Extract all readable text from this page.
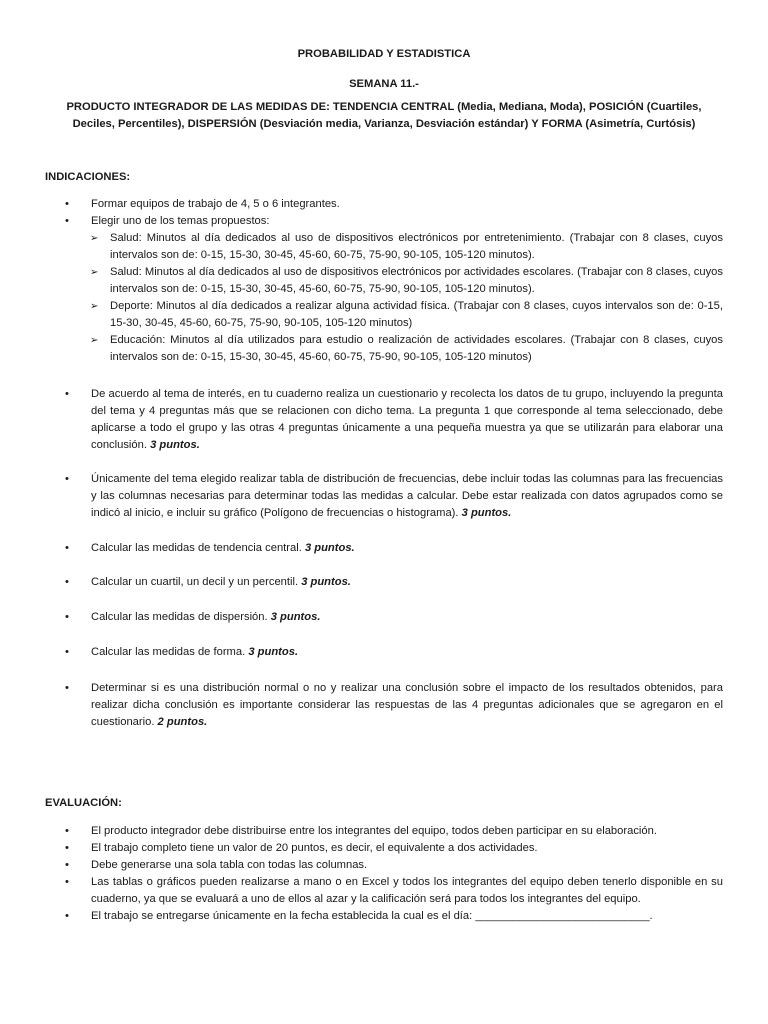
PROBABILIDAD Y ESTADISTICA
SEMANA 11.-
PRODUCTO INTEGRADOR DE LAS MEDIDAS DE: TENDENCIA CENTRAL (Media, Mediana, Moda), POSICIÓN (Cuartiles, Deciles, Percentiles), DISPERSIÓN (Desviación media, Varianza, Desviación estándar) Y FORMA (Asimetría, Curtósis)
INDICACIONES:
• Formar equipos de trabajo de 4, 5 o 6 integrantes.
• Elegir uno de los temas propuestos:
➢ Salud: Minutos al día dedicados al uso de dispositivos electrónicos por entretenimiento. (Trabajar con 8 clases, cuyos intervalos son de: 0-15, 15-30, 30-45, 45-60, 60-75, 75-90, 90-105, 105-120 minutos).
➢ Salud: Minutos al día dedicados al uso de dispositivos electrónicos por actividades escolares. (Trabajar con 8 clases, cuyos intervalos son de: 0-15, 15-30, 30-45, 45-60, 60-75, 75-90, 90-105, 105-120 minutos).
➢ Deporte: Minutos al día dedicados a realizar alguna actividad física. (Trabajar con 8 clases, cuyos intervalos son de: 0-15, 15-30, 30-45, 45-60, 60-75, 75-90, 90-105, 105-120 minutos)
➢ Educación: Minutos al día utilizados para estudio o realización de actividades escolares. (Trabajar con 8 clases, cuyos intervalos son de: 0-15, 15-30, 30-45, 45-60, 60-75, 75-90, 90-105, 105-120 minutos)
• De acuerdo al tema de interés, en tu cuaderno realiza un cuestionario y recolecta los datos de tu grupo, incluyendo la pregunta del tema y 4 preguntas más que se relacionen con dicho tema. La pregunta 1 que corresponde al tema seleccionado, debe aplicarse a todo el grupo y las otras 4 preguntas únicamente a una pequeña muestra ya que se utilizarán para elaborar una conclusión. 3 puntos.
• Únicamente del tema elegido realizar tabla de distribución de frecuencias, debe incluir todas las columnas para las frecuencias y las columnas necesarias para determinar todas las medidas a calcular. Debe estar realizada con datos agrupados como se indicó al inicio, e incluir su gráfico (Polígono de frecuencias o histograma). 3 puntos.
• Calcular las medidas de tendencia central. 3 puntos.
• Calcular un cuartil, un decil y un percentil. 3 puntos.
• Calcular las medidas de dispersión. 3 puntos.
• Calcular las medidas de forma. 3 puntos.
• Determinar si es una distribución normal o no y realizar una conclusión sobre el impacto de los resultados obtenidos, para realizar dicha conclusión es importante considerar las respuestas de las 4 preguntas adicionales que se agregaron en el cuestionario. 2 puntos.
EVALUACIÓN:
• El producto integrador debe distribuirse entre los integrantes del equipo, todos deben participar en su elaboración.
• El trabajo completo tiene un valor de 20 puntos, es decir, el equivalente a dos actividades.
• Debe generarse una sola tabla con todas las columnas.
• Las tablas o gráficos pueden realizarse a mano o en Excel y todos los integrantes del equipo deben tenerlo disponible en su cuaderno, ya que se evaluará a uno de ellos al azar y la calificación será para todos los integrantes del equipo.
• El trabajo se entregarse únicamente en la fecha establecida la cual es el día: ____________________________.
